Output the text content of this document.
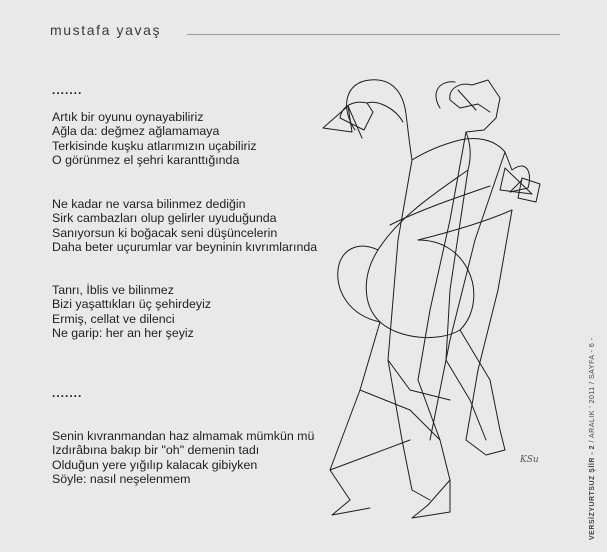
mustafa yavaş
.......
Artık bir oyunu oynayabiliriz
Ağla da: değmez ağlamamaya
Terkisinde kuşku atlarımızın uçabiliriz
O görünmez el şehri karanttığında
Ne kadar ne varsa bilinmez dediğin
Sirk cambazları olup gelirler uyuduğunda
Sanıyorsun ki boğacak seni düşüncelerin
Daha beter uçurumlar var beyninin kıvrımlarında
Tanrı, İblis ve bilinmez
Bizi yaşattıkları üç şehirdeyiz
Ermiş, cellat ve dilenci
Ne garip: her an her şeyiz
.......
Senin kıvranmandan haz almamak mümkün mü
Izdırâbına bakıp bir "oh" demenin tadı
Olduğun yere yığılıp kalacak gibiyken
Söyle: nasıl neşelenmem
KSu	VERSİZYURTSUZ ŞİİR - 2 / ARALIK ' 2011 / SAYFA - 6 -
